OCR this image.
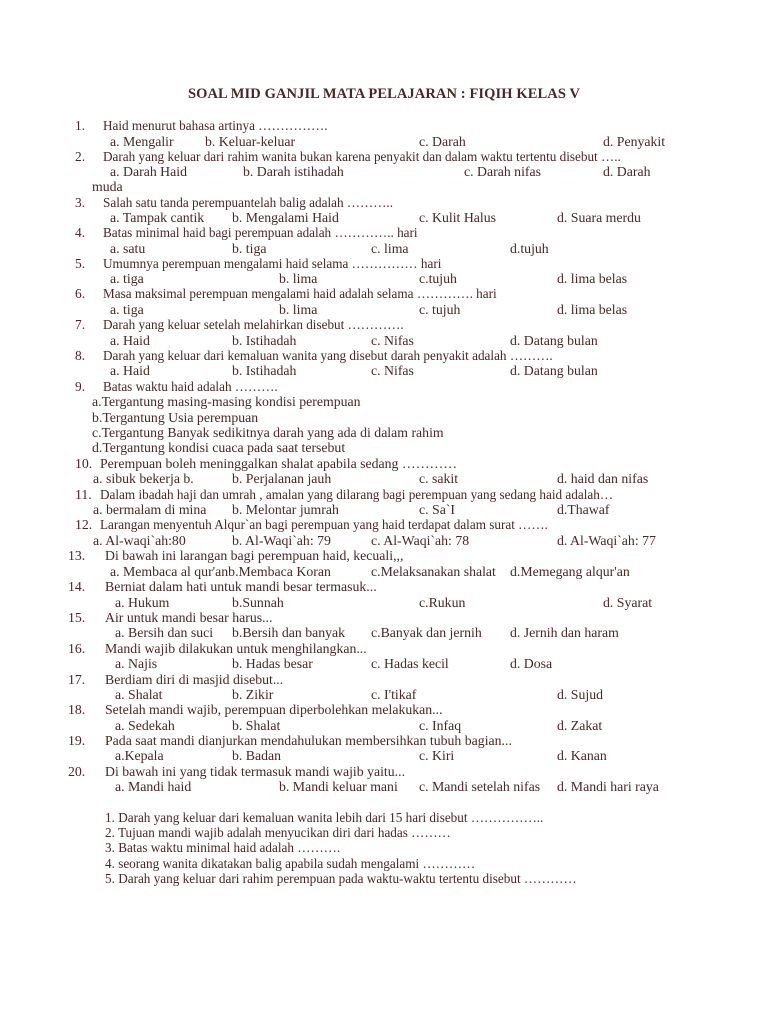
SOAL MID GANJIL MATA PELAJARAN : FIQIH KELAS V
1. Haid menurut bahasa artinya …………….
a. Mengalir b. Keluar-keluar	c. Darah	d. Penyakit
2. Darah yang keluar dari rahim wanita bukan karena penyakit dan dalam waktu tertentu disebut …..
a. Darah Haid	b. Darah istihadah	c. Darah nifas	d. Darah
muda
3. Salah satu tanda perempuantelah balig adalah ………..
a. Tampak cantik b. Mengalami Haid	c. Kulit Halus	d. Suara merdu
4. Batas minimal haid bagi perempuan adalah ………….. hari
a. satu	b. tiga	c. lima	d.tujuh
5. Umumnya perempuan mengalami haid selama …………… hari
a. tiga	b. lima	c.tujuh	d. lima belas
6. Masa maksimal perempuan mengalami haid adalah selama …………. hari
a. tiga	b. lima	c. tujuh	d. lima belas
7. Darah yang keluar setelah melahirkan disebut ………….
a. Haid	b. Istihadah	c. Nifas	d. Datang bulan
8. Darah yang keluar dari kemaluan wanita yang disebut darah penyakit adalah ……….
a. Haid	b. Istihadah	c. Nifas	d. Datang bulan
9. Batas waktu haid adalah ……….
a.Tergantung masing-masing kondisi perempuan
b.Tergantung Usia perempuan
c.Tergantung Banyak sedikitnya darah yang ada di dalam rahim
d.Tergantung kondisi cuaca pada saat tersebut
10. Perempuan boleh meninggalkan shalat apabila sedang …………
a. sibuk bekerja b.	b. Perjalanan jauh	c. sakit	d. haid dan nifas
11. Dalam ibadah haji dan umrah , amalan yang dilarang bagi perempuan yang sedang haid adalah…
a. bermalam di mina b. Melontar jumrah	c. Sa`I	d.Thawaf
12. Larangan menyentuh Alqur`an bagi perempuan yang haid terdapat dalam surat …….
a. Al-waqi`ah:80	b. Al-Waqi`ah: 79	c. Al-Waqi`ah: 78	d. Al-Waqi`ah: 77
13. Di bawah ini larangan bagi perempuan haid, kecuali,,,
a. Membaca al qur'anb.Membaca Koran	c.Melaksanakan shalat d.Memegang alqur'an
14. Berniat dalam hati untuk mandi besar termasuk...
a. Hukum	b.Sunnah	c.Rukun	d. Syarat
15. Air untuk mandi besar harus...
a. Bersih dan suci b.Bersih dan banyak c.Banyak dan jernih d. Jernih dan haram
16. Mandi wajib dilakukan untuk menghilangkan...
a. Najis	b. Hadas besar	c. Hadas kecil	d. Dosa
17. Berdiam diri di masjid disebut...
a. Shalat	b. Zikir	c. I'tikaf	d. Sujud
18. Setelah mandi wajib, perempuan diperbolehkan melakukan...
a. Sedekah	b. Shalat	c. Infaq	d. Zakat
19. Pada saat mandi dianjurkan mendahulukan membersihkan tubuh bagian...
a.Kepala	b. Badan	c. Kiri	d. Kanan
20. Di bawah ini yang tidak termasuk mandi wajib yaitu...
a. Mandi haid	b. Mandi keluar mani c. Mandi setelah nifas d. Mandi hari raya
1. Darah yang keluar dari kemaluan wanita lebih dari 15 hari disebut ……………..
2. Tujuan mandi wajib adalah menyucikan diri dari hadas ………
3. Batas waktu minimal haid adalah ……….
4. seorang wanita dikatakan balig apabila sudah mengalami …………
5. Darah yang keluar dari rahim perempuan pada waktu-waktu tertentu disebut …………
